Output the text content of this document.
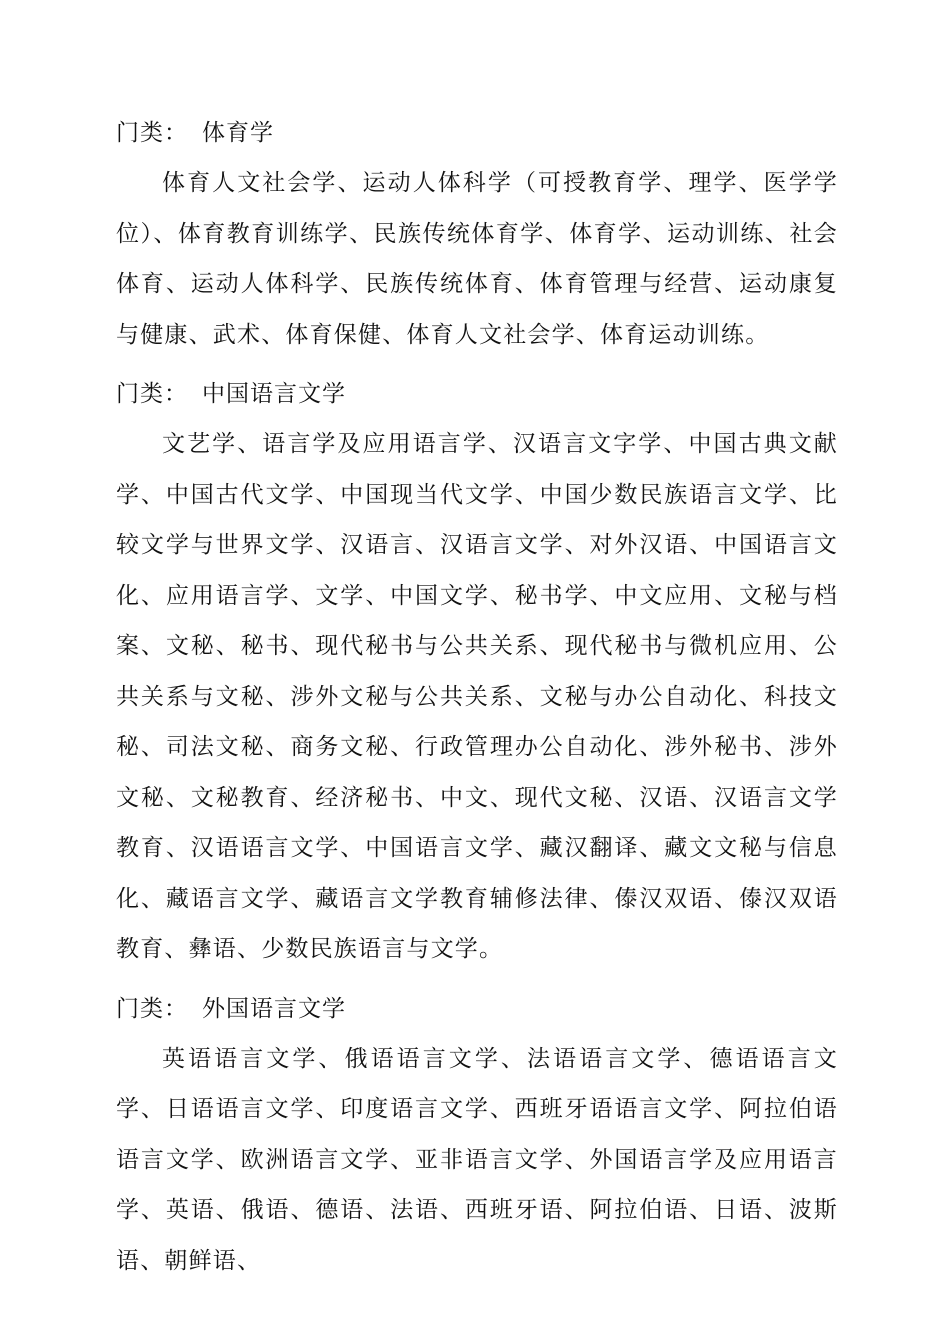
门类： 体育学

体育人文社会学、运动人体科学（可授教育学、理学、医学学位）、体育教育训练学、民族传统体育学、体育学、运动训练、社会体育、运动人体科学、民族传统体育、体育管理与经营、运动康复与健康、武术、体育保健、体育人文社会学、体育运动训练。

门类： 中国语言文学

文艺学、语言学及应用语言学、汉语言文字学、中国古典文献学、中国古代文学、中国现当代文学、中国少数民族语言文学、比较文学与世界文学、汉语言、汉语言文学、对外汉语、中国语言文化、应用语言学、文学、中国文学、秘书学、中文应用、文秘与档案、文秘、秘书、现代秘书与公共关系、现代秘书与微机应用、公共关系与文秘、涉外文秘与公共关系、文秘与办公自动化、科技文秘、司法文秘、商务文秘、行政管理办公自动化、涉外秘书、涉外文秘、文秘教育、经济秘书、中文、现代文秘、汉语、汉语言文学教育、汉语语言文学、中国语言文学、藏汉翻译、藏文文秘与信息化、藏语言文学、藏语言文学教育辅修法律、傣汉双语、傣汉双语教育、彝语、少数民族语言与文学。

门类： 外国语言文学

英语语言文学、俄语语言文学、法语语言文学、德语语言文学、日语语言文学、印度语言文学、西班牙语语言文学、阿拉伯语语言文学、欧洲语言文学、亚非语言文学、外国语言学及应用语言学、英语、俄语、德语、法语、西班牙语、阿拉伯语、日语、波斯语、朝鲜语、
